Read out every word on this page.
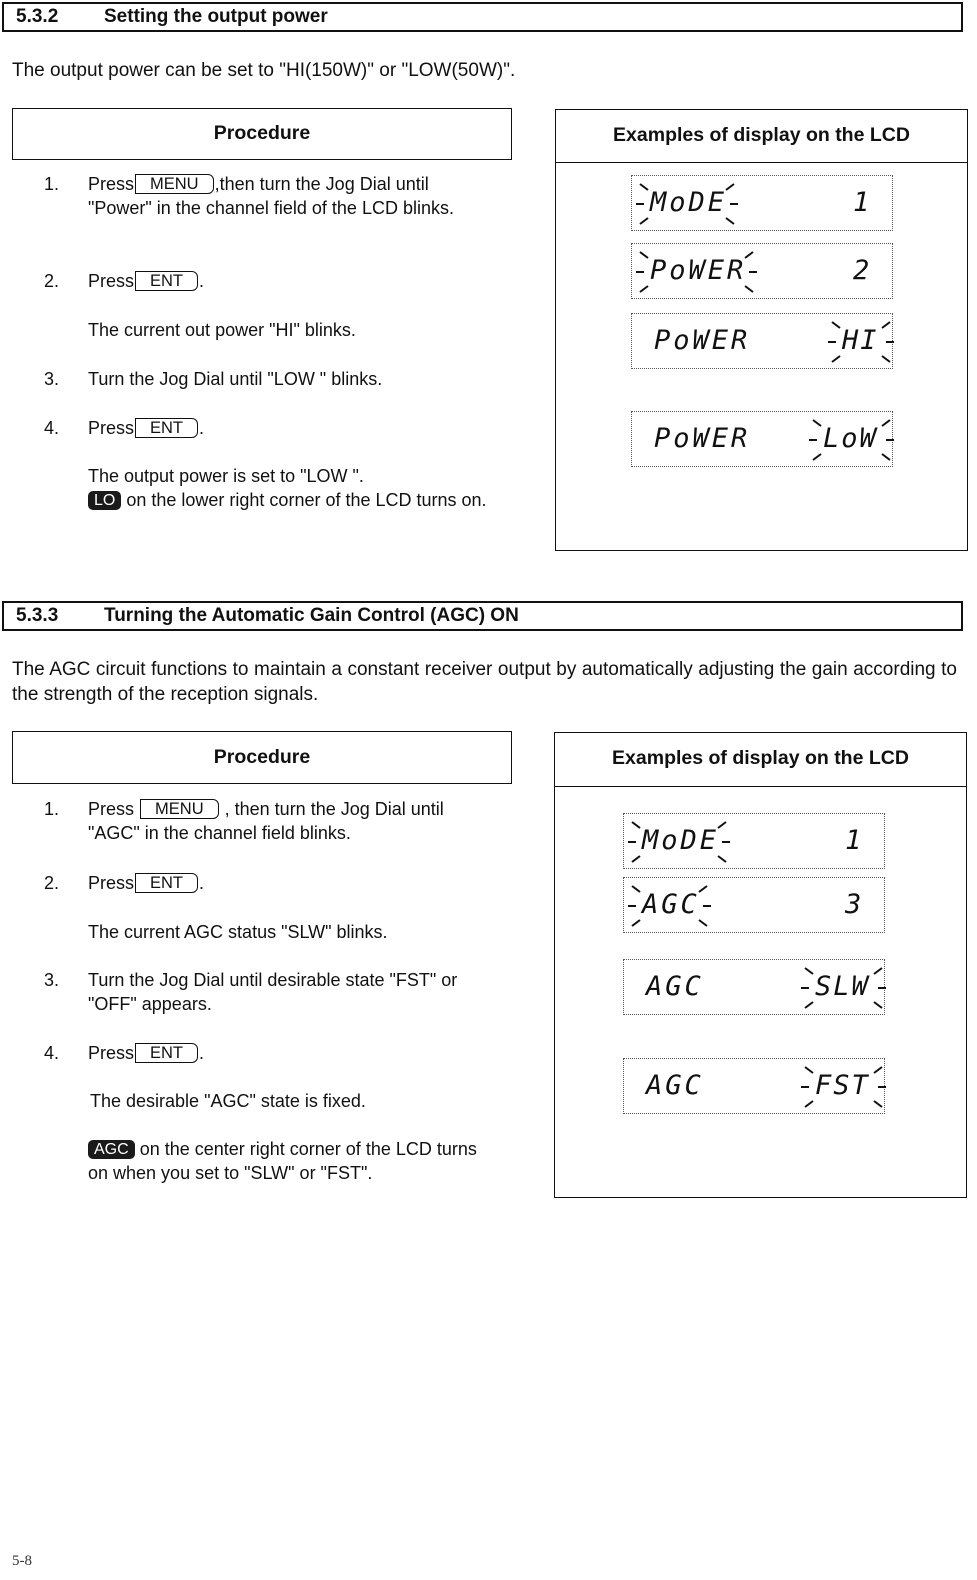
5.3.2 Setting the output power
The output power can be set to "HI(150W)" or "LOW(50W)".
Procedure
1.	Press MENU ,then turn the Jog Dial until "Power" in the channel field of the LCD blinks.
2.	Press ENT .
The current out power "HI" blinks.
3.	Turn the Jog Dial until "LOW " blinks.
4.	Press ENT .
The output power is set to "LOW ".
LO on the lower right corner of the LCD turns on.
Examples of display on the LCD
MoDE	1
PoWER	2
PoWER	HI
PoWER	LoW
5.3.3 Turning the Automatic Gain Control (AGC) ON
The AGC circuit functions to maintain a constant receiver output by automatically adjusting the gain according to the strength of the reception signals.
Procedure
1.	Press MENU , then turn the Jog Dial until "AGC" in the channel field blinks.
2.	Press ENT .
The current AGC status "SLW" blinks.
3.	Turn the Jog Dial until desirable state "FST" or "OFF" appears.
4.	Press ENT .
The desirable "AGC" state is fixed.
AGC on the center right corner of the LCD turns on when you set to "SLW" or "FST".
Examples of display on the LCD
MoDE	1
AGC	3
AGC	SLW
AGC	FST
5-8
